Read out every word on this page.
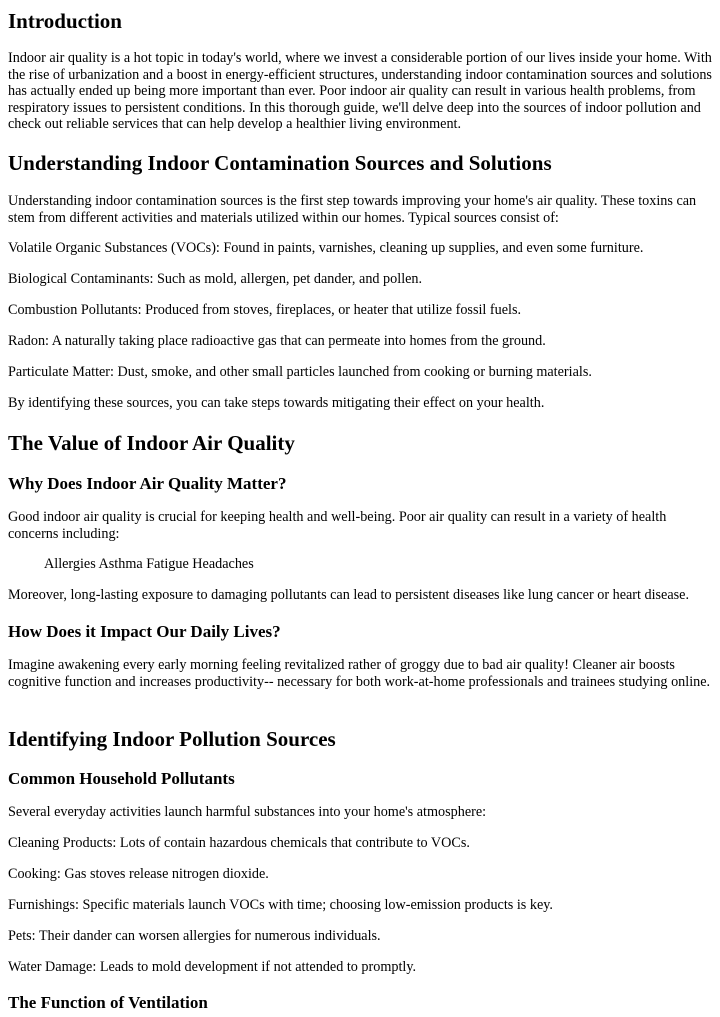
Introduction

Indoor air quality is a hot topic in today's world, where we invest a considerable portion of our lives inside your home. With the rise of urbanization and a boost in energy-efficient structures, understanding indoor contamination sources and solutions has actually ended up being more important than ever. Poor indoor air quality can result in various health problems, from respiratory issues to persistent conditions. In this thorough guide, we'll delve deep into the sources of indoor pollution and check out reliable services that can help develop a healthier living environment.

Understanding Indoor Contamination Sources and Solutions

Understanding indoor contamination sources is the first step towards improving your home's air quality. These toxins can stem from different activities and materials utilized within our homes. Typical sources consist of:

Volatile Organic Substances (VOCs): Found in paints, varnishes, cleaning up supplies, and even some furniture.

Biological Contaminants: Such as mold, allergen, pet dander, and pollen.

Combustion Pollutants: Produced from stoves, fireplaces, or heater that utilize fossil fuels.

Radon: A naturally taking place radioactive gas that can permeate into homes from the ground.

Particulate Matter: Dust, smoke, and other small particles launched from cooking or burning materials.

By identifying these sources, you can take steps towards mitigating their effect on your health.

The Value of Indoor Air Quality
Why Does Indoor Air Quality Matter?

Good indoor air quality is crucial for keeping health and well-being. Poor air quality can result in a variety of health concerns including:

Allergies Asthma Fatigue Headaches

Moreover, long-lasting exposure to damaging pollutants can lead to persistent diseases like lung cancer or heart disease.

How Does it Impact Our Daily Lives?

Imagine awakening every early morning feeling revitalized rather of groggy due to bad air quality! Cleaner air boosts cognitive function and increases productivity-- necessary for both work-at-home professionals and trainees studying online.

Identifying Indoor Pollution Sources
Common Household Pollutants

Several everyday activities launch harmful substances into your home's atmosphere:

Cleaning Products: Lots of contain hazardous chemicals that contribute to VOCs.

Cooking: Gas stoves release nitrogen dioxide.

Furnishings: Specific materials launch VOCs with time; choosing low-emission products is key.

Pets: Their dander can worsen allergies for numerous individuals.

Water Damage: Leads to mold development if not attended to promptly.

The Function of Ventilation
